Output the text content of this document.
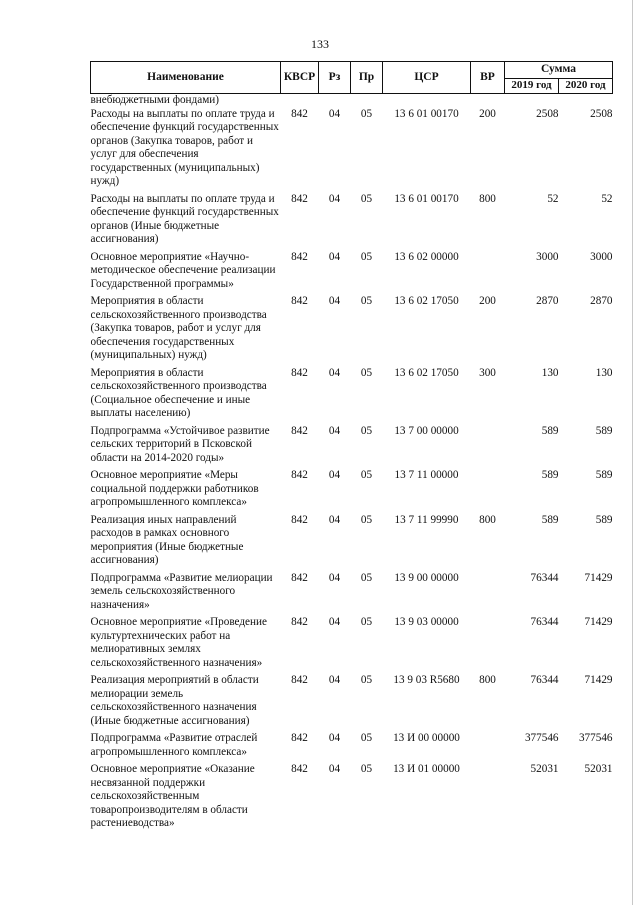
133
Наименование	КВСР	Рз	Пр	ЦСР	ВР	Сумма	
						2019 год	2020 год
внебюджетными фондами)							
Расходы на выплаты по оплате труда и обеспечение функций государственных органов (Закупка товаров, работ и услуг для обеспечения государственных (муниципальных) нужд)	842	04	05	13 6 01 00170	200	2508	2508
Расходы на выплаты по оплате труда и обеспечение функций государственных органов (Иные бюджетные ассигнования)	842	04	05	13 6 01 00170	800	52	52
Основное мероприятие «Научно-методическое обеспечение реализации Государственной программы»	842	04	05	13 6 02 00000		3000	3000
Мероприятия в области сельскохозяйственного производства (Закупка товаров, работ и услуг для обеспечения государственных (муниципальных) нужд)	842	04	05	13 6 02 17050	200	2870	2870
Мероприятия в области сельскохозяйственного производства (Социальное обеспечение и иные выплаты населению)	842	04	05	13 6 02 17050	300	130	130
Подпрограмма «Устойчивое развитие сельских территорий в Псковской области на 2014-2020 годы»	842	04	05	13 7 00 00000		589	589
Основное мероприятие «Меры социальной поддержки работников агропромышленного комплекса»	842	04	05	13 7 11 00000		589	589
Реализация иных направлений расходов в рамках основного мероприятия (Иные бюджетные ассигнования)	842	04	05	13 7 11 99990	800	589	589
Подпрограмма «Развитие мелиорации земель сельскохозяйственного назначения»	842	04	05	13 9 00 00000		76344	71429
Основное мероприятие «Проведение культуртехнических работ на мелиоративных землях сельскохозяйственного назначения»	842	04	05	13 9 03 00000		76344	71429
Реализация мероприятий в области мелиорации земель сельскохозяйственного назначения (Иные бюджетные ассигнования)	842	04	05	13 9 03 R5680	800	76344	71429
Подпрограмма «Развитие отраслей агропромышленного комплекса»	842	04	05	13 И 00 00000		377546	377546
Основное мероприятие «Оказание несвязанной поддержки сельскохозяйственным товаропроизводителям в области растениеводства»	842	04	05	13 И 01 00000		52031	52031
